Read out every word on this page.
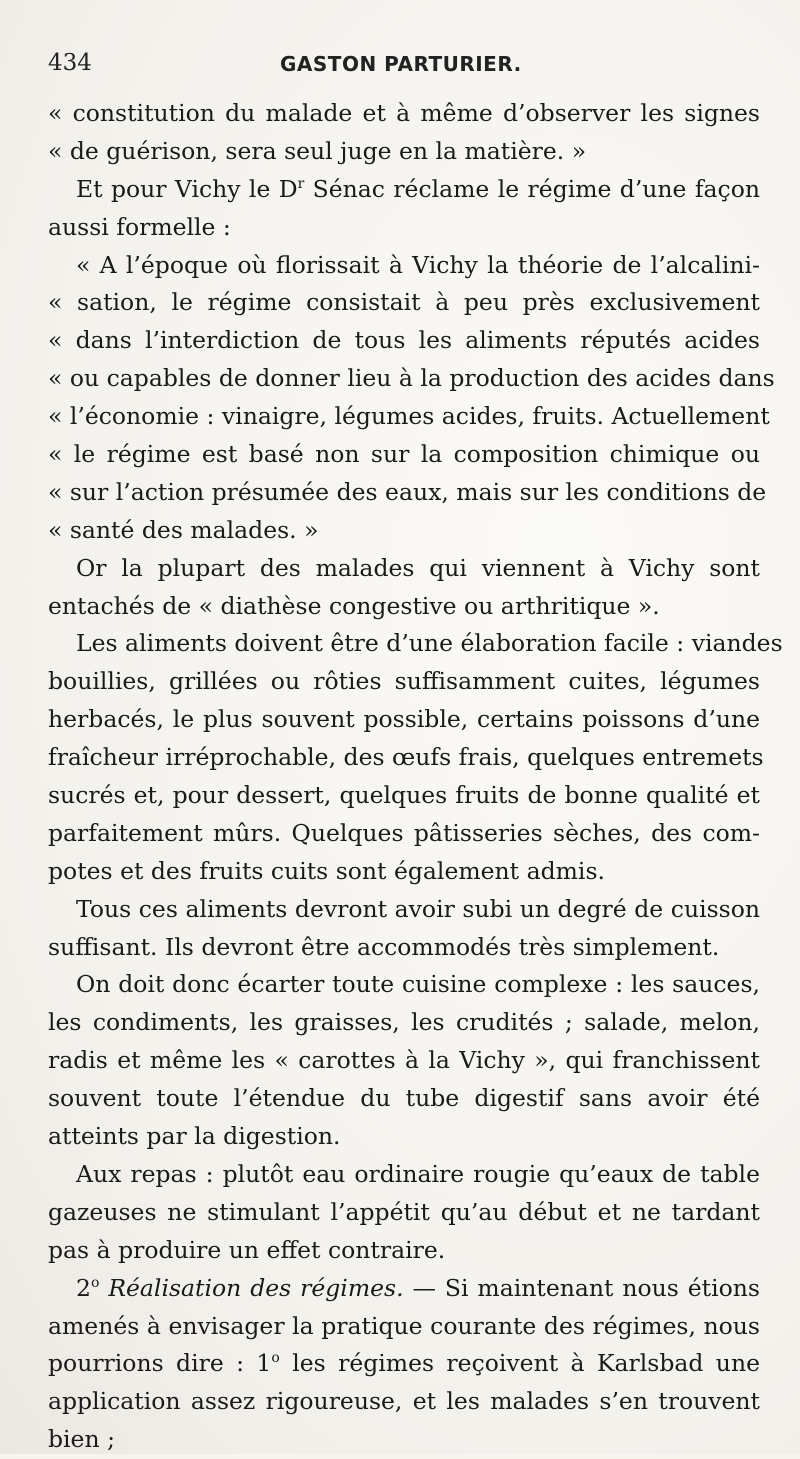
434	GASTON PARTURIER.
« constitution du malade et à même d’observer les signes
« de guérison, sera seul juge en la matière. »
Et pour Vichy le $D^r$ Sénac réclame le régime d’une façon
aussi formelle :
« A l’époque où florissait à Vichy la théorie de l’alcalini-
« sation, le régime consistait à peu près exclusivement
« dans l’interdiction de tous les aliments réputés acides
« ou capables de donner lieu à la production des acides dans
« l’économie : vinaigre, légumes acides, fruits. Actuellement
« le régime est basé non sur la composition chimique ou
« sur l’action présumée des eaux, mais sur les conditions de
« santé des malades. »
Or la plupart des malades qui viennent à Vichy sont
entachés de « diathèse congestive ou arthritique ».
Les aliments doivent être d’une élaboration facile : viandes
bouillies, grillées ou rôties suffisamment cuites, légumes
herbacés, le plus souvent possible, certains poissons d’une
fraîcheur irréprochable, des œufs frais, quelques entremets
sucrés et, pour dessert, quelques fruits de bonne qualité et
parfaitement mûrs. Quelques pâtisseries sèches, des com-
potes et des fruits cuits sont également admis.
Tous ces aliments devront avoir subi un degré de cuisson
suffisant. Ils devront être accommodés très simplement.
On doit donc écarter toute cuisine complexe : les sauces,
les condiments, les graisses, les crudités ; salade, melon,
radis et même les « carottes à la Vichy », qui franchissent
souvent toute l’étendue du tube digestif sans avoir été
atteints par la digestion.
Aux repas : plutôt eau ordinaire rougie qu’eaux de table
gazeuses ne stimulant l’appétit qu’au début et ne tardant
pas à produire un effet contraire.
2$^o$ Réalisation des régimes. — Si maintenant nous étions
amenés à envisager la pratique courante des régimes, nous
pourrions dire : 1$^o$ les régimes reçoivent à Karlsbad une
application assez rigoureuse, et les malades s’en trouvent
bien ;
